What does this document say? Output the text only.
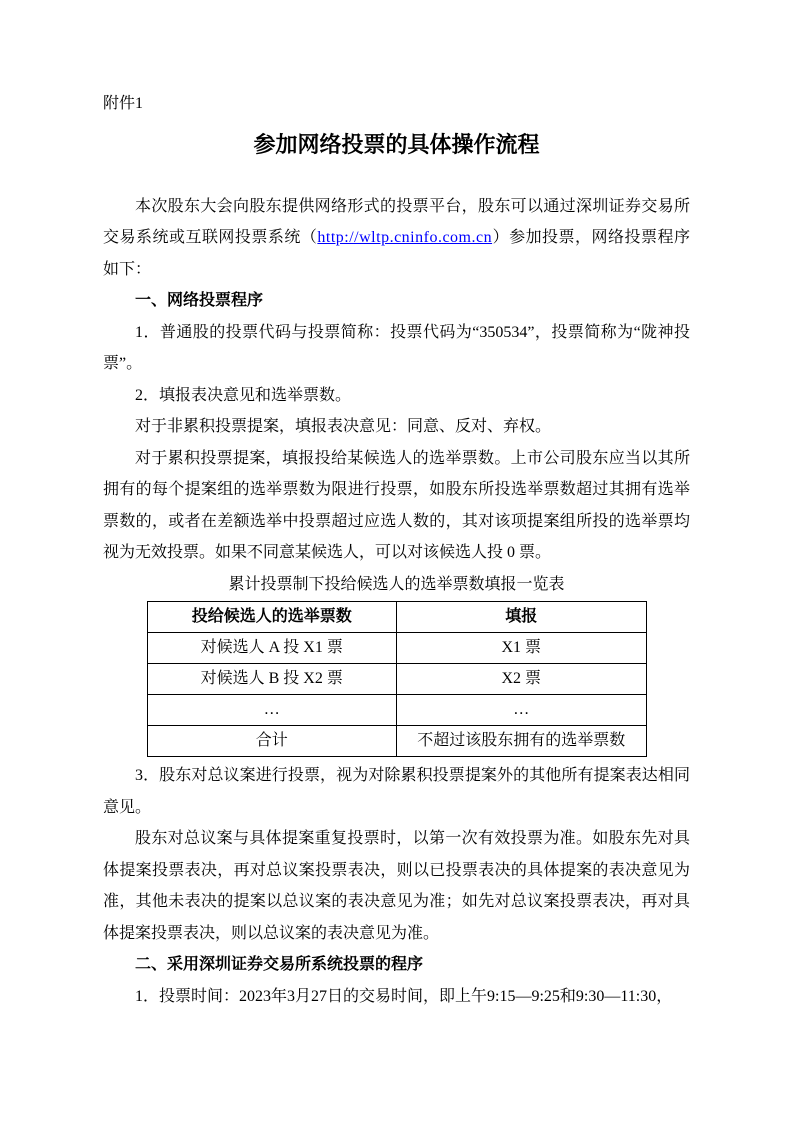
附件1

参加网络投票的具体操作流程

本次股东大会向股东提供网络形式的投票平台，股东可以通过深圳证券交易所交易系统或互联网投票系统（http://wltp.cninfo.com.cn）参加投票，网络投票程序如下：

一、网络投票程序

1．普通股的投票代码与投票简称：投票代码为“350534”，投票简称为“陇神投票”。

2．填报表决意见和选举票数。

对于非累积投票提案，填报表决意见：同意、反对、弃权。

对于累积投票提案，填报投给某候选人的选举票数。上市公司股东应当以其所拥有的每个提案组的选举票数为限进行投票，如股东所投选举票数超过其拥有选举票数的，或者在差额选举中投票超过应选人数的，其对该项提案组所投的选举票均视为无效投票。如果不同意某候选人，可以对该候选人投 0 票。

累计投票制下投给候选人的选举票数填报一览表

投给候选人的选举票数	填报
对候选人 A 投 X1 票	X1 票
对候选人 B 投 X2 票	X2 票
…	…
合计	不超过该股东拥有的选举票数

3．股东对总议案进行投票，视为对除累积投票提案外的其他所有提案表达相同意见。

股东对总议案与具体提案重复投票时，以第一次有效投票为准。如股东先对具体提案投票表决，再对总议案投票表决，则以已投票表决的具体提案的表决意见为准，其他未表决的提案以总议案的表决意见为准；如先对总议案投票表决，再对具体提案投票表决，则以总议案的表决意见为准。

二、采用深圳证券交易所系统投票的程序

1．投票时间：2023年3月27日的交易时间，即上午9:15—9:25和9:30—11:30，
